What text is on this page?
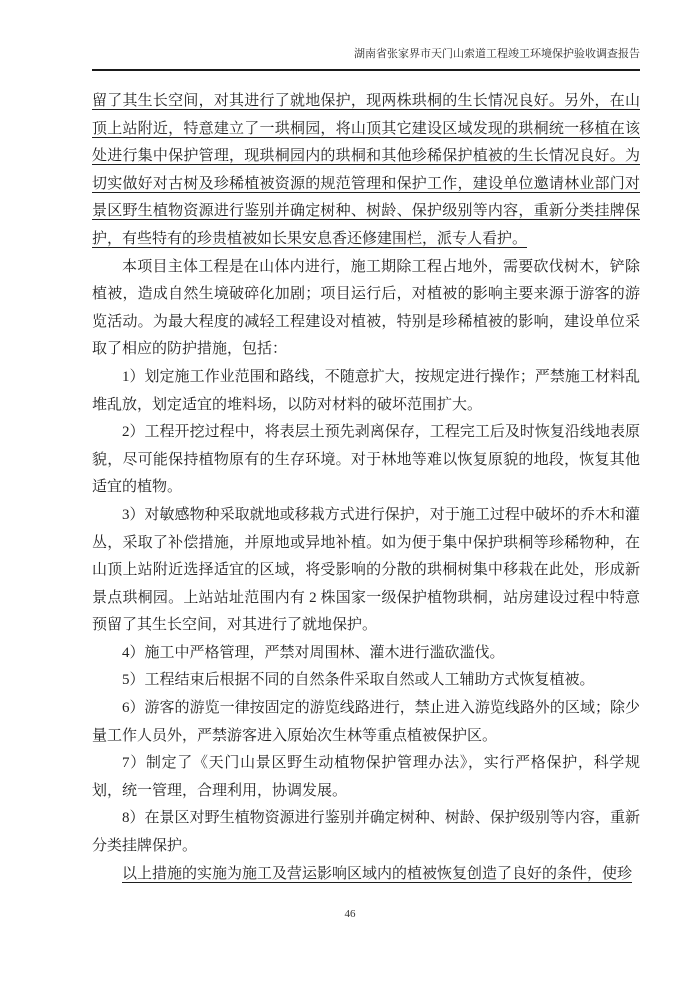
湖南省张家界市天门山索道工程竣工环境保护验收调查报告

留了其生长空间，对其进行了就地保护，现两株珙桐的生长情况良好。另外，在山顶上站附近，特意建立了一珙桐园，将山顶其它建设区域发现的珙桐统一移植在该处进行集中保护管理，现珙桐园内的珙桐和其他珍稀保护植被的生长情况良好。为切实做好对古树及珍稀植被资源的规范管理和保护工作，建设单位邀请林业部门对景区野生植物资源进行鉴别并确定树种、树龄、保护级别等内容，重新分类挂牌保护，有些特有的珍贵植被如长果安息香还修建围栏，派专人看护。

本项目主体工程是在山体内进行，施工期除工程占地外，需要砍伐树木，铲除植被，造成自然生境破碎化加剧；项目运行后，对植被的影响主要来源于游客的游览活动。为最大程度的减轻工程建设对植被，特别是珍稀植被的影响，建设单位采取了相应的防护措施，包括：

1）划定施工作业范围和路线，不随意扩大，按规定进行操作；严禁施工材料乱堆乱放，划定适宜的堆料场，以防对材料的破坏范围扩大。

2）工程开挖过程中，将表层土预先剥离保存，工程完工后及时恢复沿线地表原貌，尽可能保持植物原有的生存环境。对于林地等难以恢复原貌的地段，恢复其他适宜的植物。

3）对敏感物种采取就地或移栽方式进行保护，对于施工过程中破坏的乔木和灌丛，采取了补偿措施，并原地或异地补植。如为便于集中保护珙桐等珍稀物种，在山顶上站附近选择适宜的区域，将受影响的分散的珙桐树集中移栽在此处，形成新景点珙桐园。上站站址范围内有 2 株国家一级保护植物珙桐，站房建设过程中特意预留了其生长空间，对其进行了就地保护。

4）施工中严格管理，严禁对周围林、灌木进行滥砍滥伐。

5）工程结束后根据不同的自然条件采取自然或人工辅助方式恢复植被。

6）游客的游览一律按固定的游览线路进行，禁止进入游览线路外的区域；除少量工作人员外，严禁游客进入原始次生林等重点植被保护区。

7）制定了《天门山景区野生动植物保护管理办法》，实行严格保护，科学规划，统一管理，合理利用，协调发展。

8）在景区对野生植物资源进行鉴别并确定树种、树龄、保护级别等内容，重新分类挂牌保护。

以上措施的实施为施工及营运影响区域内的植被恢复创造了良好的条件，使珍

46
